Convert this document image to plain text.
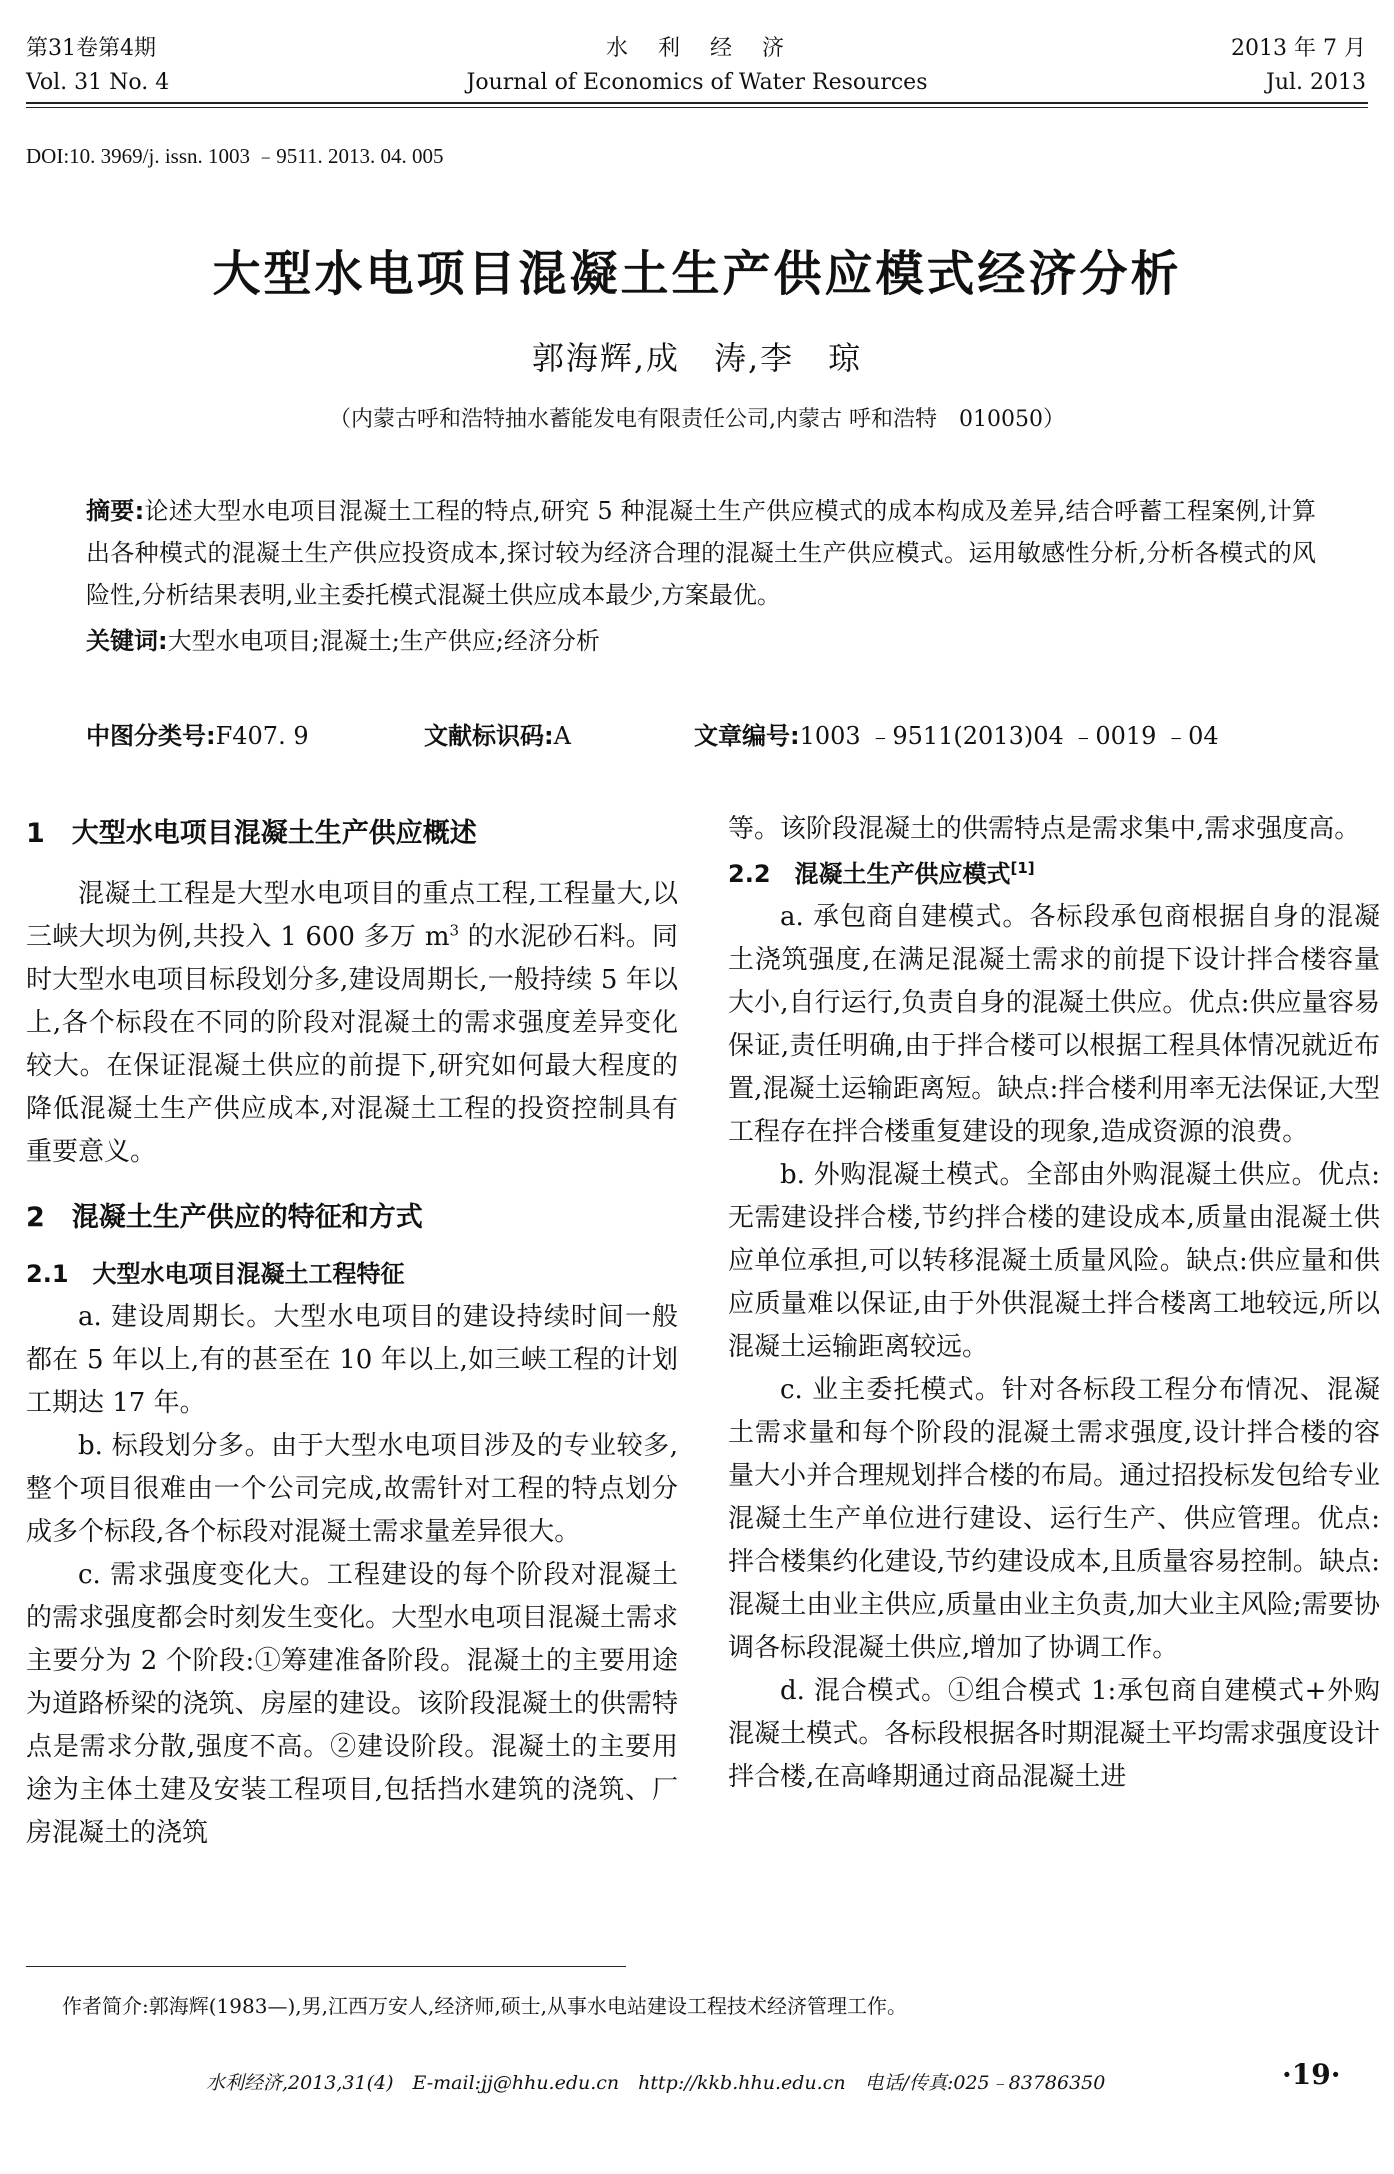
第31卷第4期
Vol. 31 No. 4
水　利　经　济
Journal of Economics of Water Resources
2013 年 7 月
Jul. 2013
DOI:10. 3969/j. issn. 1003 ﹣9511. 2013. 04. 005
大型水电项目混凝土生产供应模式经济分析
郭海辉,成　涛,李　琼
（内蒙古呼和浩特抽水蓄能发电有限责任公司,内蒙古 呼和浩特　010050）
摘要:论述大型水电项目混凝土工程的特点,研究 5 种混凝土生产供应模式的成本构成及差异,结合呼蓄工程案例,计算出各种模式的混凝土生产供应投资成本,探讨较为经济合理的混凝土生产供应模式。运用敏感性分析,分析各模式的风险性,分析结果表明,业主委托模式混凝土供应成本最少,方案最优。
关键词:大型水电项目;混凝土;生产供应;经济分析
中图分类号:F407. 9	文献标识码:A	文章编号:1003 ﹣9511(2013)04 ﹣0019 ﹣04
1　大型水电项目混凝土生产供应概述

混凝土工程是大型水电项目的重点工程,工程量大,以三峡大坝为例,共投入 1 600 多万 $m^3$ 的水泥砂石料。同时大型水电项目标段划分多,建设周期长,一般持续 5 年以上,各个标段在不同的阶段对混凝土的需求强度差异变化较大。在保证混凝土供应的前提下,研究如何最大程度的降低混凝土生产供应成本,对混凝土工程的投资控制具有重要意义。

2　混凝土生产供应的特征和方式
2.1　大型水电项目混凝土工程特征

a. 建设周期长。大型水电项目的建设持续时间一般都在 5 年以上,有的甚至在 10 年以上,如三峡工程的计划工期达 17 年。

b. 标段划分多。由于大型水电项目涉及的专业较多,整个项目很难由一个公司完成,故需针对工程的特点划分成多个标段,各个标段对混凝土需求量差异很大。

c. 需求强度变化大。工程建设的每个阶段对混凝土的需求强度都会时刻发生变化。大型水电项目混凝土需求主要分为 2 个阶段:①筹建准备阶段。混凝土的主要用途为道路桥梁的浇筑、房屋的建设。该阶段混凝土的供需特点是需求分散,强度不高。②建设阶段。混凝土的主要用途为主体土建及安装工程项目,包括挡水建筑的浇筑、厂房混凝土的浇筑

等。该阶段混凝土的供需特点是需求集中,需求强度高。

2.2　混凝土生产供应模式[1]

a. 承包商自建模式。各标段承包商根据自身的混凝土浇筑强度,在满足混凝土需求的前提下设计拌合楼容量大小,自行运行,负责自身的混凝土供应。优点:供应量容易保证,责任明确,由于拌合楼可以根据工程具体情况就近布置,混凝土运输距离短。缺点:拌合楼利用率无法保证,大型工程存在拌合楼重复建设的现象,造成资源的浪费。

b. 外购混凝土模式。全部由外购混凝土供应。优点:无需建设拌合楼,节约拌合楼的建设成本,质量由混凝土供应单位承担,可以转移混凝土质量风险。缺点:供应量和供应质量难以保证,由于外供混凝土拌合楼离工地较远,所以混凝土运输距离较远。

c. 业主委托模式。针对各标段工程分布情况、混凝土需求量和每个阶段的混凝土需求强度,设计拌合楼的容量大小并合理规划拌合楼的布局。通过招投标发包给专业混凝土生产单位进行建设、运行生产、供应管理。优点:拌合楼集约化建设,节约建设成本,且质量容易控制。缺点:混凝土由业主供应,质量由业主负责,加大业主风险;需要协调各标段混凝土供应,增加了协调工作。

d. 混合模式。①组合模式 1:承包商自建模式+外购混凝土模式。各标段根据各时期混凝土平均需求强度设计拌合楼,在高峰期通过商品混凝土进

作者简介:郭海辉(1983—),男,江西万安人,经济师,硕士,从事水电站建设工程技术经济管理工作。
水利经济,2013,31(4)　E-mail:jj@hhu.edu.cn　http://kkb.hhu.edu.cn　电话/传真:025﹣83786350	·19·
